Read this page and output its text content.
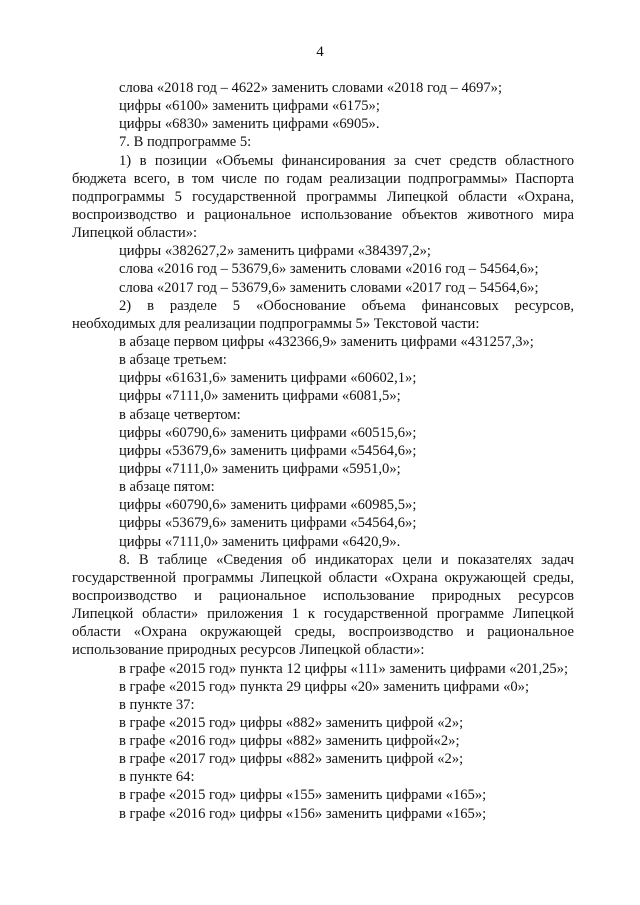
4
слова «2018 год – 4622» заменить словами «2018 год – 4697»;
цифры «6100» заменить цифрами «6175»;
цифры «6830» заменить цифрами «6905».
7. В подпрограмме 5:
1) в позиции «Объемы финансирования за счет средств областного
бюджета всего, в том числе по годам реализации подпрограммы» Паспорта
подпрограммы 5 государственной программы Липецкой области «Охрана,
воспроизводство и рациональное использование объектов животного мира
Липецкой области»:
цифры «382627,2» заменить цифрами «384397,2»;
слова «2016 год – 53679,6» заменить словами «2016 год – 54564,6»;
слова «2017 год – 53679,6» заменить словами «2017 год – 54564,6»;
2) в разделе 5 «Обоснование объема финансовых ресурсов,
необходимых для реализации подпрограммы 5» Текстовой части:
в абзаце первом цифры «432366,9» заменить цифрами «431257,3»;
в абзаце третьем:
цифры «61631,6» заменить цифрами «60602,1»;
цифры «7111,0» заменить цифрами «6081,5»;
в абзаце четвертом:
цифры «60790,6» заменить цифрами «60515,6»;
цифры «53679,6» заменить цифрами «54564,6»;
цифры «7111,0» заменить цифрами «5951,0»;
в абзаце пятом:
цифры «60790,6» заменить цифрами «60985,5»;
цифры «53679,6» заменить цифрами «54564,6»;
цифры «7111,0» заменить цифрами «6420,9».
8. В таблице «Сведения об индикаторах цели и показателях задач
государственной программы Липецкой области «Охрана окружающей среды,
воспроизводство и рациональное использование природных ресурсов
Липецкой области» приложения 1 к государственной программе Липецкой
области «Охрана окружающей среды, воспроизводство и рациональное
использование природных ресурсов Липецкой области»:
в графе «2015 год» пункта 12 цифры «111» заменить цифрами «201,25»;
в графе «2015 год» пункта 29 цифры «20» заменить цифрами «0»;
в пункте 37:
в графе «2015 год» цифры «882» заменить цифрой «2»;
в графе «2016 год» цифры «882» заменить цифрой«2»;
в графе «2017 год» цифры «882» заменить цифрой «2»;
в пункте 64:
в графе «2015 год» цифры «155» заменить цифрами «165»;
в графе «2016 год» цифры «156» заменить цифрами «165»;
